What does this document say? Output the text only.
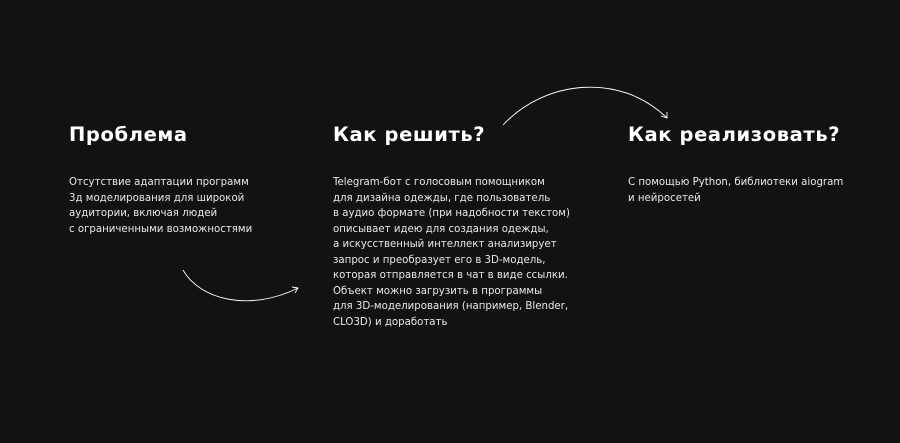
Проблема
Отсутствие адаптации программ
3д моделирования для широкой
аудитории, включая людей
с ограниченными возможностями
Как решить?
Telegram-бот с голосовым помощником
для дизайна одежды, где пользователь
в аудио формате (при надобности текстом)
описывает идею для создания одежды,
а искусственный интеллект анализирует
запрос и преобразует его в 3D-модель,
которая отправляется в чат в виде ссылки.
Объект можно загрузить в программы
для 3D-моделирования (например, Blender,
CLO3D) и доработать
Как реализовать?
С помощью Python, библиотеки aiogram
и нейросетей
